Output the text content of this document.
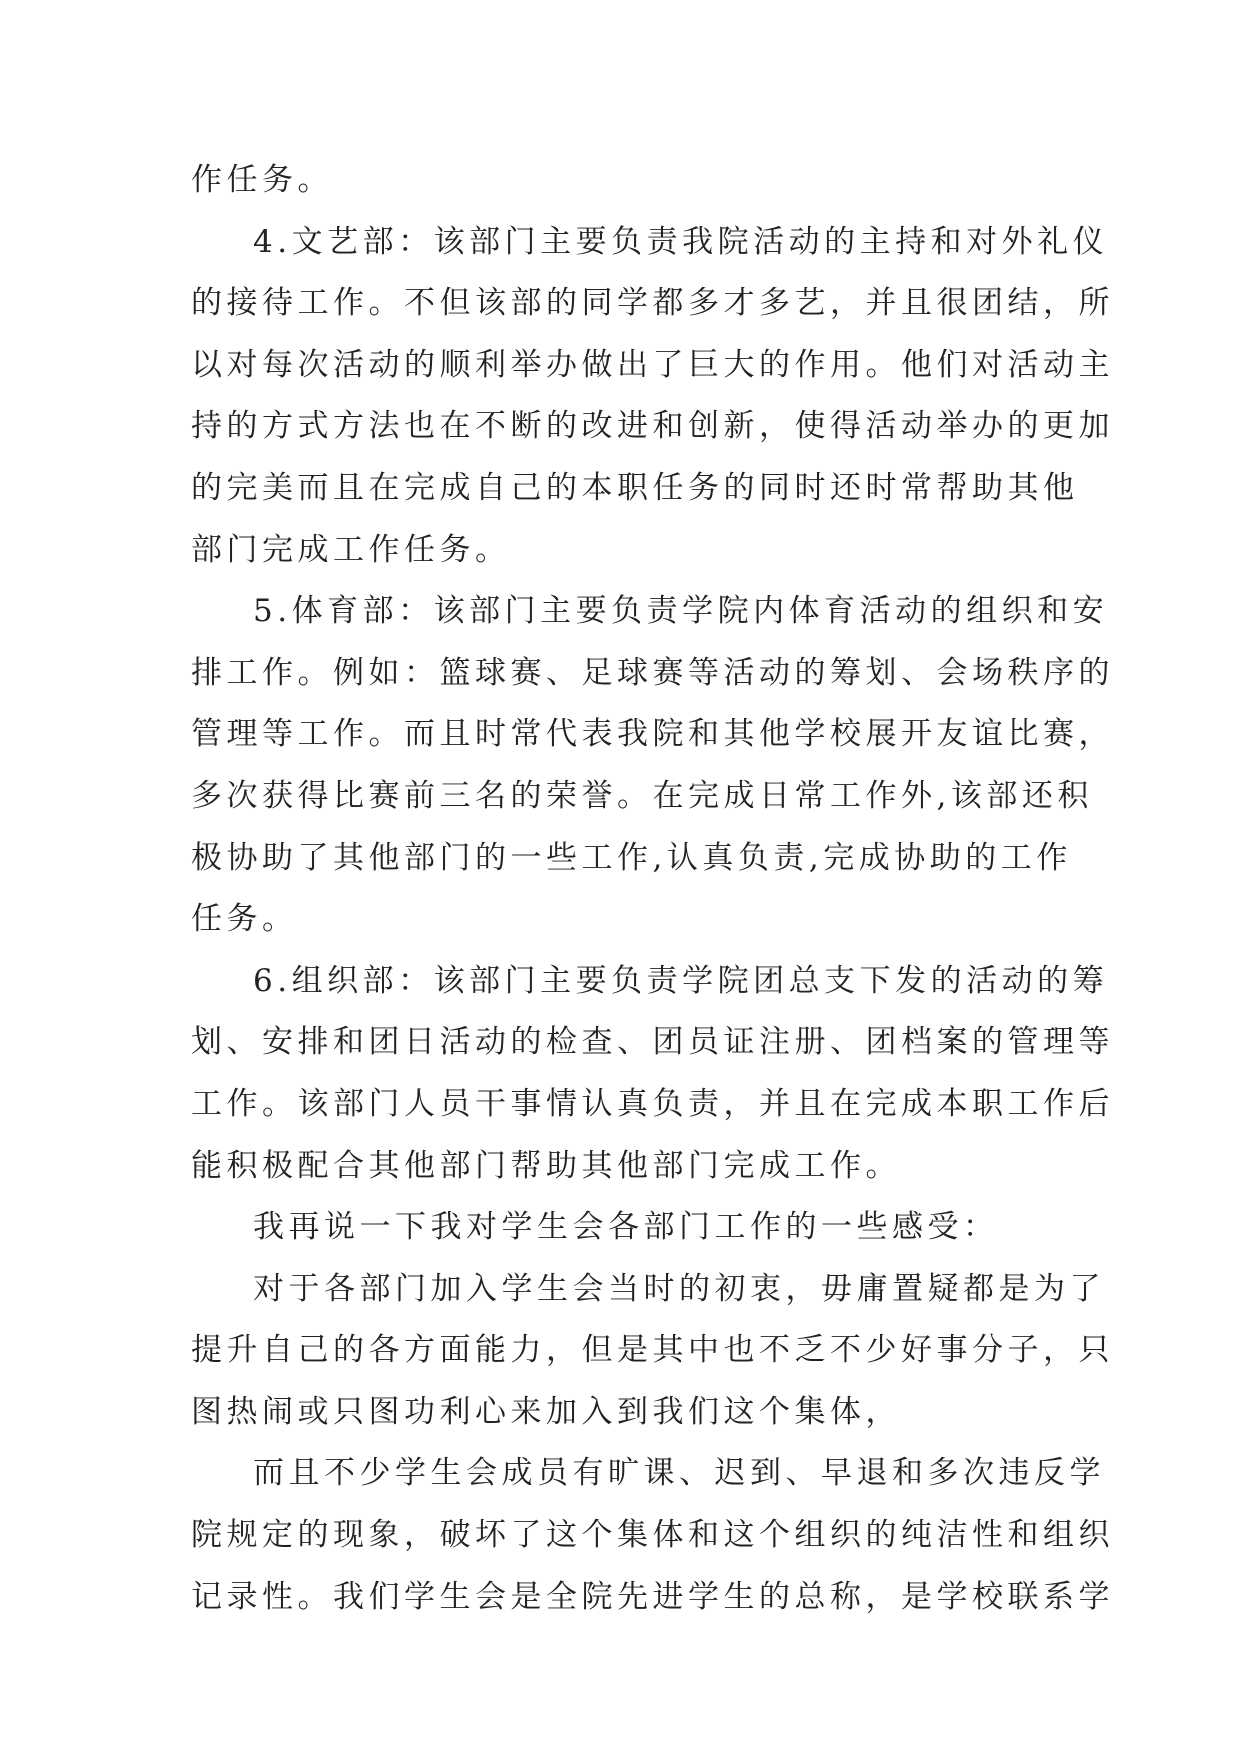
作任务。
4.文艺部：该部门主要负责我院活动的主持和对外礼仪
的接待工作。不但该部的同学都多才多艺，并且很团结，所
以对每次活动的顺利举办做出了巨大的作用。他们对活动主
持的方式方法也在不断的改进和创新，使得活动举办的更加
的完美而且在完成自己的本职任务的同时还时常帮助其他
部门完成工作任务。
5.体育部：该部门主要负责学院内体育活动的组织和安
排工作。例如：篮球赛、足球赛等活动的筹划、会场秩序的
管理等工作。而且时常代表我院和其他学校展开友谊比赛，
多次获得比赛前三名的荣誉。在完成日常工作外,该部还积
极协助了其他部门的一些工作,认真负责,完成协助的工作
任务。
6.组织部：该部门主要负责学院团总支下发的活动的筹
划、安排和团日活动的检查、团员证注册、团档案的管理等
工作。该部门人员干事情认真负责，并且在完成本职工作后
能积极配合其他部门帮助其他部门完成工作。
我再说一下我对学生会各部门工作的一些感受：
对于各部门加入学生会当时的初衷，毋庸置疑都是为了
提升自己的各方面能力，但是其中也不乏不少好事分子，只
图热闹或只图功利心来加入到我们这个集体，
而且不少学生会成员有旷课、迟到、早退和多次违反学
院规定的现象，破坏了这个集体和这个组织的纯洁性和组织
记录性。我们学生会是全院先进学生的总称，是学校联系学
